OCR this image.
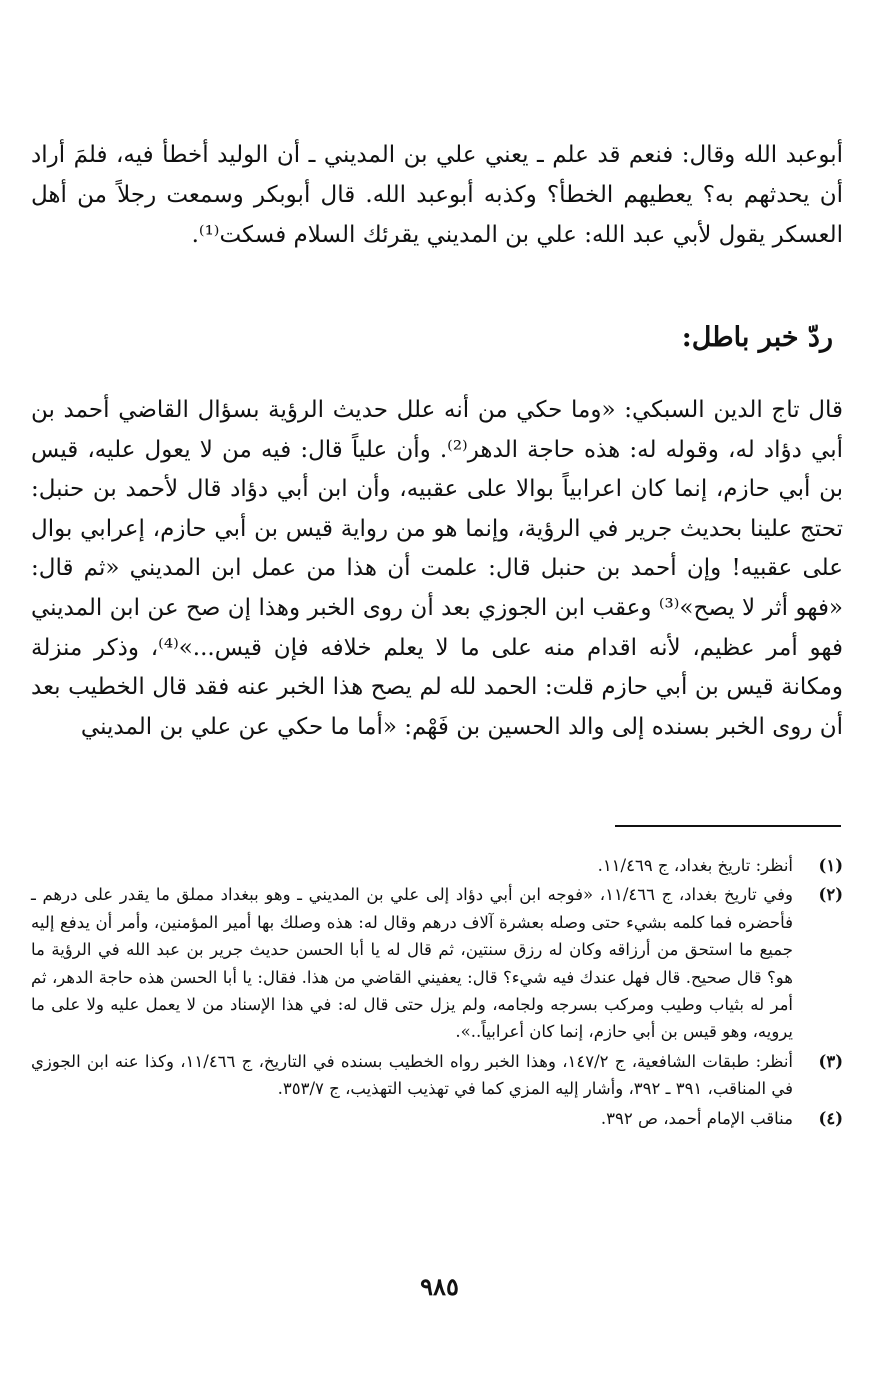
أبوعبد الله وقال: فنعم قد علم ـ يعني علي بن المديني ـ أن الوليد أخطأ فيه، فلمَ أراد أن يحدثهم به؟ يعطيهم الخطأ؟ وكذبه أبوعبد الله. قال أبوبكر وسمعت رجلاً من أهل العسكر يقول لأبي عبد الله: علي بن المديني يقرئك السلام فسكت⁽¹⁾.

ردّ خبر باطل:

قال تاج الدين السبكي: «وما حكي من أنه علل حديث الرؤية بسؤال القاضي أحمد بن أبي دؤاد له، وقوله له: هذه حاجة الدهر⁽²⁾. وأن علياً قال: فيه من لا يعول عليه، قيس بن أبي حازم، إنما كان اعرابياً بوالا على عقبيه، وأن ابن أبي دؤاد قال لأحمد بن حنبل: تحتج علينا بحديث جرير في الرؤية، وإنما هو من رواية قيس بن أبي حازم، إعرابي بوال على عقبيه! وإن أحمد بن حنبل قال: علمت أن هذا من عمل ابن المديني «ثم قال: «فهو أثر لا يصح»⁽³⁾ وعقب ابن الجوزي بعد أن روى الخبر وهذا إن صح عن ابن المديني فهو أمر عظيم، لأنه اقدام منه على ما لا يعلم خلافه فإن قيس...»⁽⁴⁾، وذكر منزلة ومكانة قيس بن أبي حازم قلت: الحمد لله لم يصح هذا الخبر عنه فقد قال الخطيب بعد أن روى الخبر بسنده إلى والد الحسين بن فَهْم: «أما ما حكي عن علي بن المديني

(١)
أنظر: تاريخ بغداد، ج ١١/٤٦٩.
(٢)
وفي تاريخ بغداد، ج ١١/٤٦٦، «فوجه ابن أبي دؤاد إلى علي بن المديني ـ وهو ببغداد مملق ما يقدر على درهم ـ فأحضره فما كلمه بشيء حتى وصله بعشرة آلاف درهم وقال له: هذه وصلك بها أمير المؤمنين، وأمر أن يدفع إليه جميع ما استحق من أرزاقه وكان له رزق سنتين، ثم قال له يا أبا الحسن حديث جرير بن عبد الله في الرؤية ما هو؟ قال صحيح. قال فهل عندك فيه شيء؟ قال: يعفيني القاضي من هذا. فقال: يا أبا الحسن هذه حاجة الدهر، ثم أمر له بثياب وطيب ومركب بسرجه ولجامه، ولم يزل حتى قال له: في هذا الإسناد من لا يعمل عليه ولا على ما يرويه، وهو قيس بن أبي حازم، إنما كان أعرابياً..».
(٣)
أنظر: طبقات الشافعية، ج ١٤٧/٢، وهذا الخبر رواه الخطيب بسنده في التاريخ، ج ١١/٤٦٦، وكذا عنه ابن الجوزي في المناقب، ٣٩١ ـ ٣٩٢، وأشار إليه المزي كما في تهذيب التهذيب، ج ٣٥٣/٧.
(٤)
مناقب الإمام أحمد، ص ٣٩٢.
٩٨٥
